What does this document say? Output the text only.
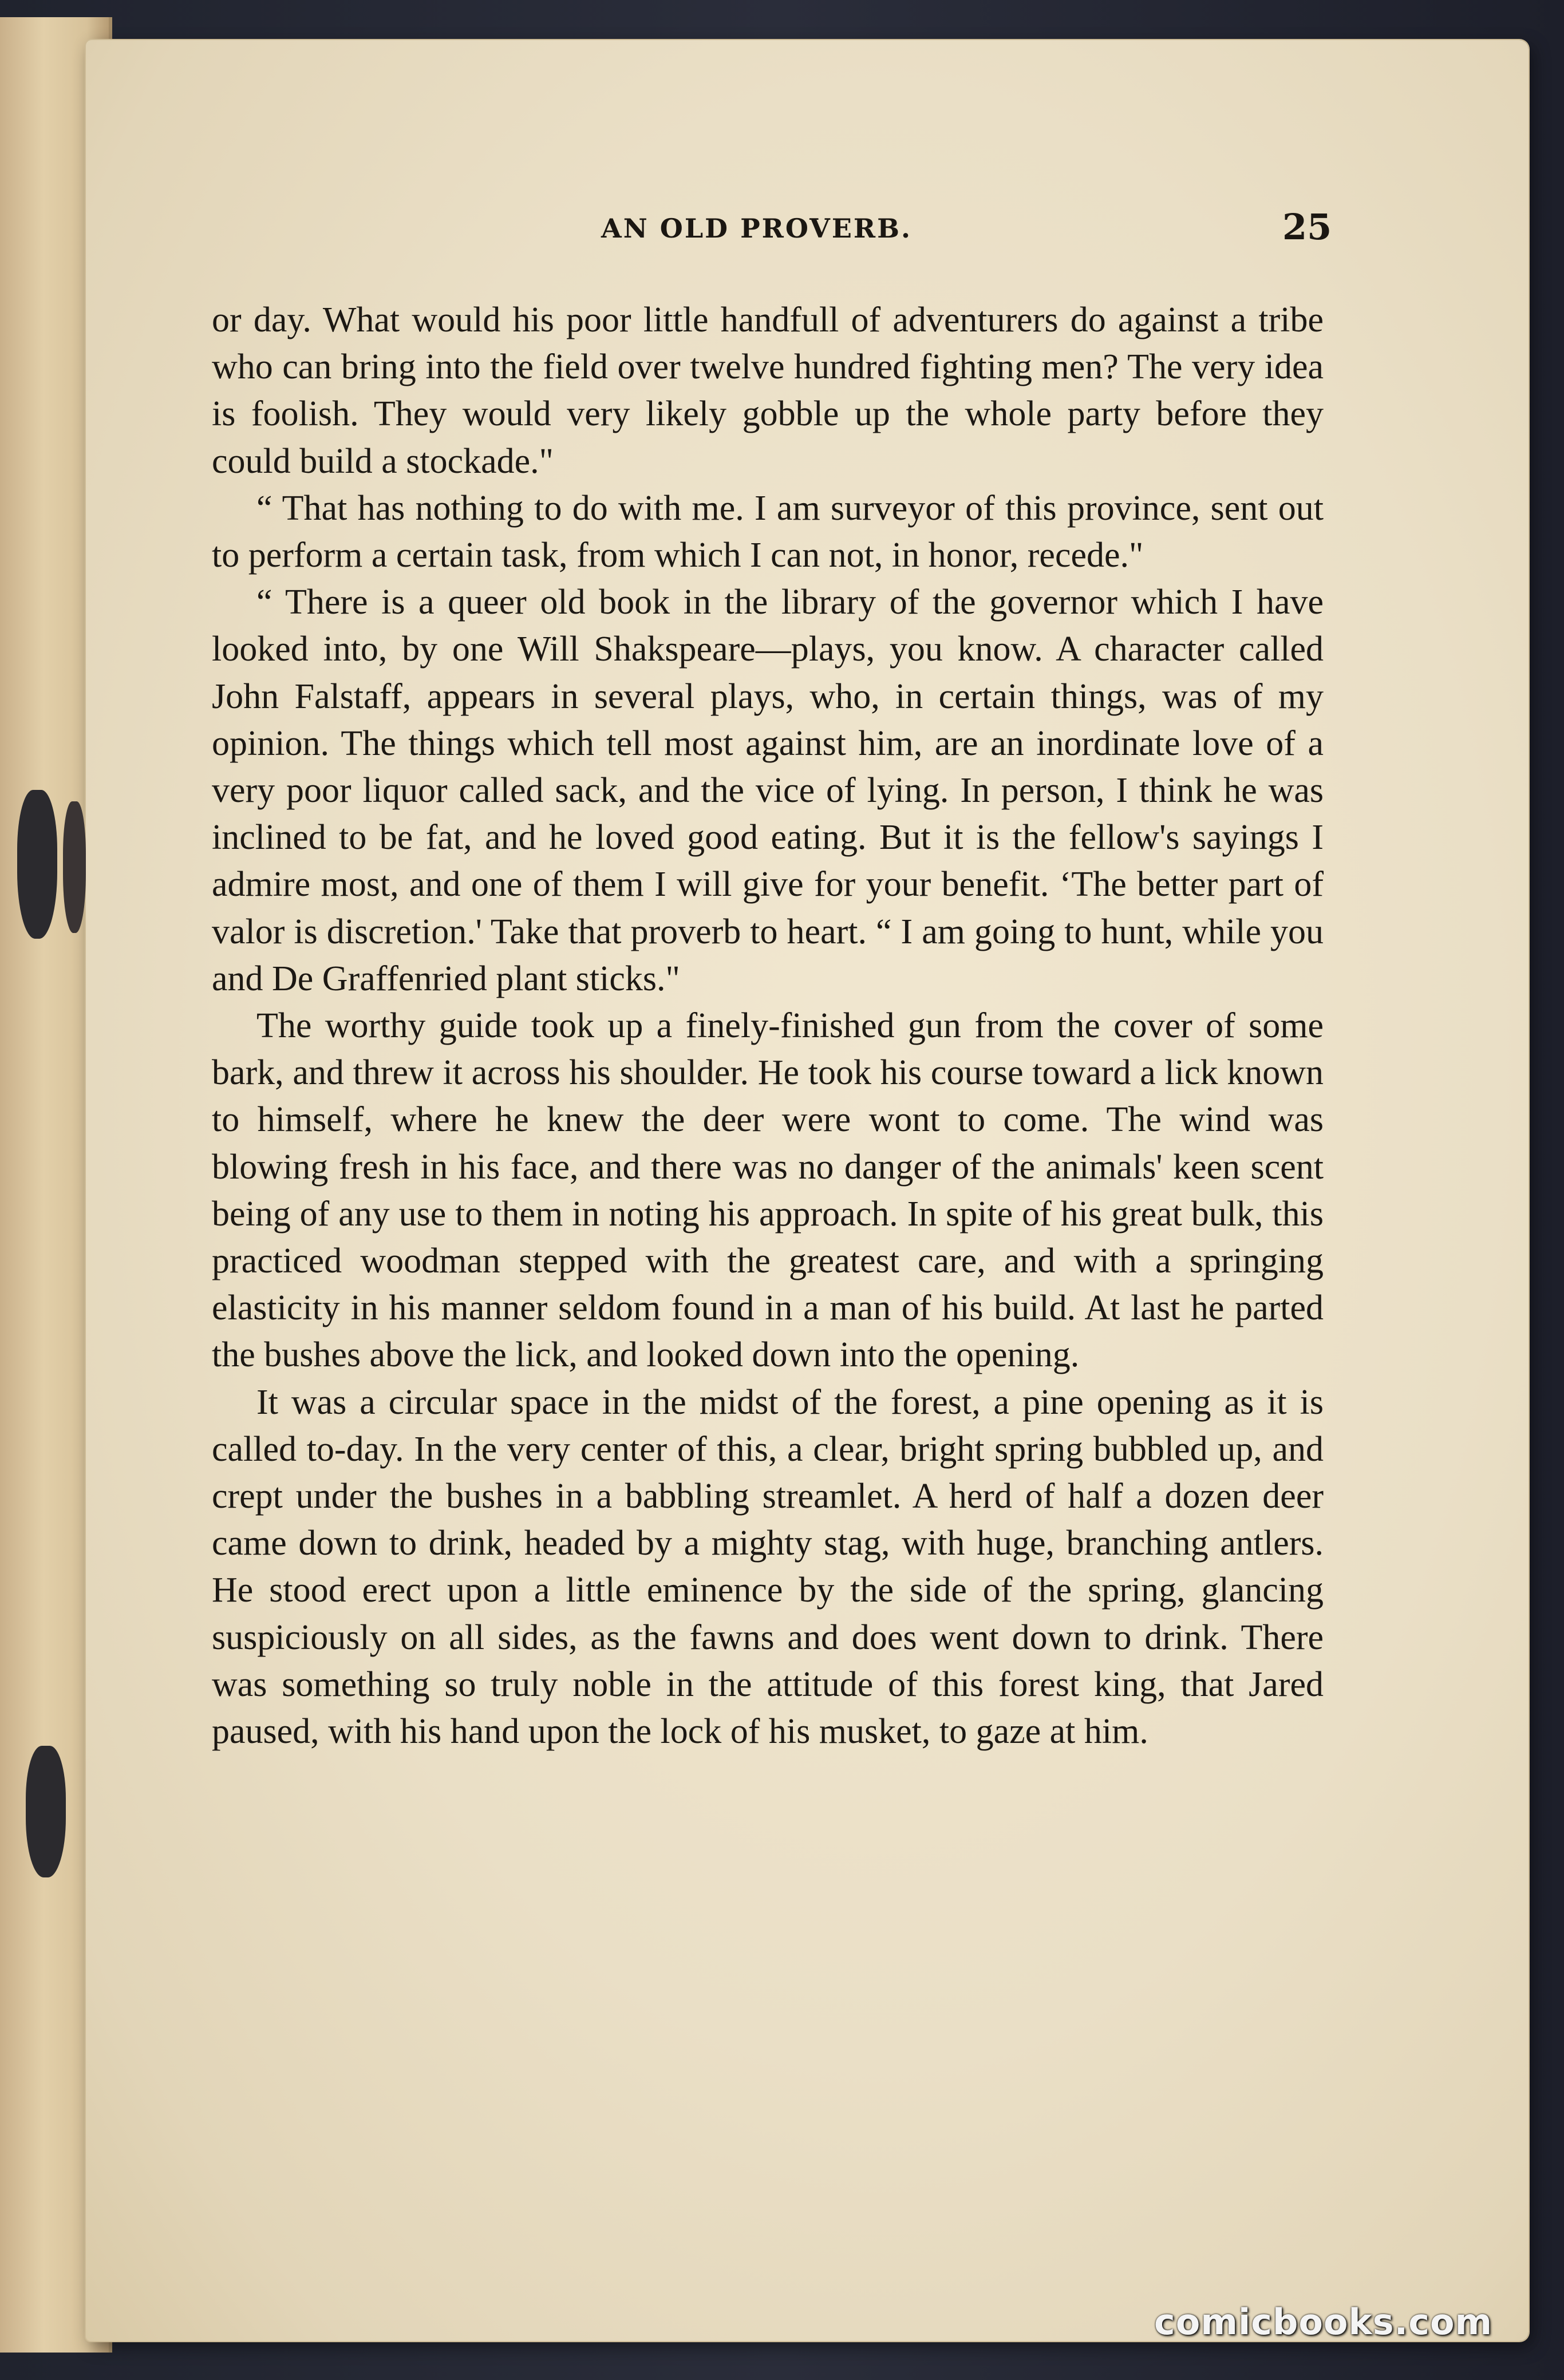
AN OLD PROVERB.	25

or day. What would his poor little handfull of adventurers do against a tribe who can bring into the field over twelve hundred fighting men? The very idea is foolish. They would very likely gobble up the whole party before they could build a stockade."

“ That has nothing to do with me. I am surveyor of this province, sent out to perform a certain task, from which I can not, in honor, recede."

“ There is a queer old book in the library of the governor which I have looked into, by one Will Shakspeare—plays, you know. A character called John Falstaff, appears in several plays, who, in certain things, was of my opinion. The things which tell most against him, are an inordinate love of a very poor liquor called sack, and the vice of lying. In person, I think he was inclined to be fat, and he loved good eating. But it is the fellow's sayings I admire most, and one of them I will give for your benefit. ‘The better part of valor is discretion.' Take that proverb to heart. “ I am going to hunt, while you and De Graffenried plant sticks."

The worthy guide took up a finely-finished gun from the cover of some bark, and threw it across his shoulder. He took his course toward a lick known to himself, where he knew the deer were wont to come. The wind was blowing fresh in his face, and there was no danger of the animals' keen scent being of any use to them in noting his approach. In spite of his great bulk, this practiced woodman stepped with the greatest care, and with a springing elasticity in his manner seldom found in a man of his build. At last he parted the bushes above the lick, and looked down into the opening.

It was a circular space in the midst of the forest, a pine opening as it is called to-day. In the very center of this, a clear, bright spring bubbled up, and crept under the bushes in a babbling streamlet. A herd of half a dozen deer came down to drink, headed by a mighty stag, with huge, branching antlers. He stood erect upon a little eminence by the side of the spring, glancing suspiciously on all sides, as the fawns and does went down to drink. There was something so truly noble in the attitude of this forest king, that Jared paused, with his hand upon the lock of his musket, to gaze at him.

comicbooks.com
